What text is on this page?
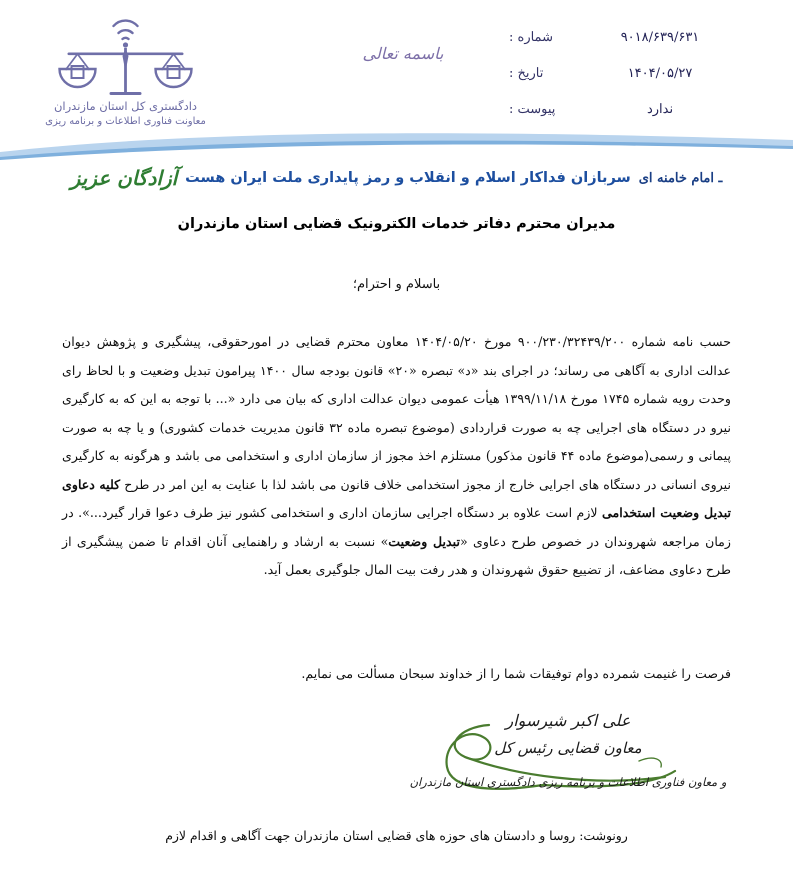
دادگستری کل استان مازندران
معاونت فناوری اطلاعات و برنامه ریزی
باسمه تعالی
۹۰۱۸/۶۳۹/۶۳۱
شماره :
۱۴۰۴/۰۵/۲۷
تاریخ :
ندارد
پیوست :
ـ امام خامنه ای
سربازان فداکار اسلام و انقلاب و رمز پایداری ملت ایران هست
آزادگان عزیز
مدیران محترم دفاتر خدمات الکترونیک قضایی استان مازندران
باسلام و احترام؛

حسب نامه شماره ۹۰۰/۲۳۰/۳۲۴۳۹/۲۰۰ مورخ ۱۴۰۴/۰۵/۲۰ معاون محترم قضایی در امورحقوقی، پیشگیری و پژوهش دیوان عدالت اداری به آگاهی می رساند؛ در اجرای بند «د» تبصره «۲۰» قانون بودجه سال ۱۴۰۰ پیرامون تبدیل وضعیت و با لحاظ رای وحدت رویه شماره ۱۷۴۵ مورخ ۱۳۹۹/۱۱/۱۸ هیأت عمومی دیوان عدالت اداری که بیان می دارد «... با توجه به این که به کارگیری نیرو در دستگاه های اجرایی چه به صورت قراردادی (موضوع تبصره ماده ۳۲ قانون مدیریت خدمات کشوری) و یا چه به صورت پیمانی و رسمی(موضوع ماده ۴۴ قانون مذکور) مستلزم اخذ مجوز از سازمان اداری و استخدامی می باشد و هرگونه به کارگیری نیروی انسانی در دستگاه های اجرایی خارج از مجوز استخدامی خلاف قانون می باشد لذا با عنایت به این امر در طرح کلیه دعاوی تبدیل وضعیت استخدامی لازم است علاوه بر دستگاه اجرایی سازمان اداری و استخدامی کشور نیز طرف دعوا قرار گیرد...». در زمان مراجعه شهروندان در خصوص طرح دعاوی «تبدیل وضعیت» نسبت به ارشاد و راهنمایی آنان اقدام تا ضمن پیشگیری از طرح دعاوی مضاعف، از تضییع حقوق شهروندان و هدر رفت بیت المال جلوگیری بعمل آید.

فرصت را غنیمت شمرده دوام توفیقات شما را از خداوند سبحان مسألت می نمایم.
علی اکبر شیرسوار
معاون قضایی رئیس کل
و معاون فناوری اطلاعات و برنامه ریزی دادگستری استان مازندران
رونوشت: روسا و دادستان های حوزه های قضایی استان مازندران جهت آگاهی و اقدام لازم
